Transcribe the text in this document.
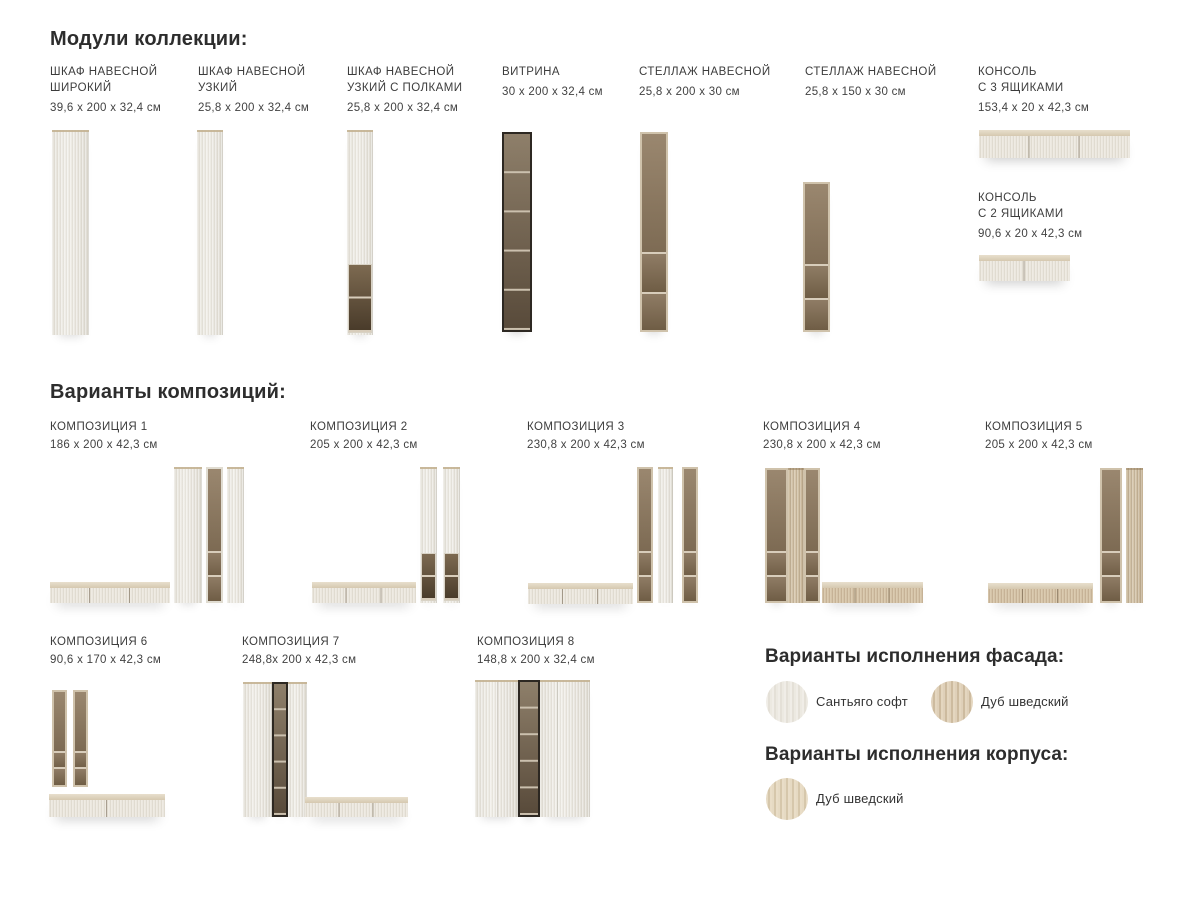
Модули коллекции:
ШКАФ НАВЕСНОЙ
ШИРОКИЙ
39,6 x 200 x 32,4 см
ШКАФ НАВЕСНОЙ
УЗКИЙ
25,8 x 200 x 32,4 см
ШКАФ НАВЕСНОЙ
УЗКИЙ С ПОЛКАМИ
25,8 x 200 x 32,4 см
ВИТРИНА
30 x 200 x 32,4 см
СТЕЛЛАЖ НАВЕСНОЙ
25,8 x 200 x 30 см
СТЕЛЛАЖ НАВЕСНОЙ
25,8 x 150 x 30 см
КОНСОЛЬ
С 3 ЯЩИКАМИ
153,4 x 20 x 42,3 см
КОНСОЛЬ
С 2 ЯЩИКАМИ
90,6 x 20 x 42,3 см
Варианты композиций:
КОМПОЗИЦИЯ 1
186 x 200 x 42,3 см
КОМПОЗИЦИЯ 2
205 x 200 x 42,3 см
КОМПОЗИЦИЯ 3
230,8 x 200 x 42,3 см
КОМПОЗИЦИЯ 4
230,8 x 200 x 42,3 см
КОМПОЗИЦИЯ 5
205 x 200 x 42,3 см
КОМПОЗИЦИЯ 6
90,6 x 170 x 42,3 см
КОМПОЗИЦИЯ 7
248,8x 200 x 42,3 см
КОМПОЗИЦИЯ 8
148,8 x 200 x 32,4 см	Варианты исполнения фасада:
Сантьяго софт	Дуб шведский
Варианты исполнения корпуса:
Дуб шведский
